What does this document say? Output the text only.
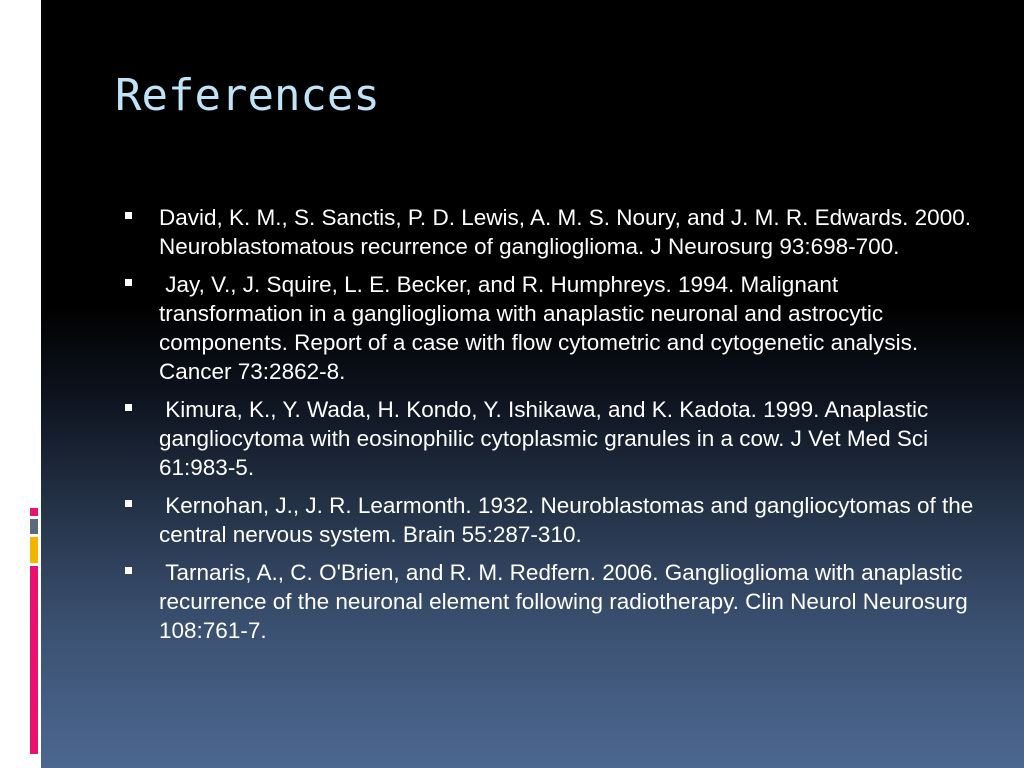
References
David, K. M., S. Sanctis, P. D. Lewis, A. M. S. Noury, and J. M. R. Edwards. 2000. Neuroblastomatous recurrence of ganglioglioma. J Neurosurg 93:698-700.
Jay, V., J. Squire, L. E. Becker, and R. Humphreys. 1994. Malignant transformation in a ganglioglioma with anaplastic neuronal and astrocytic components. Report of a case with flow cytometric and cytogenetic analysis. Cancer 73:2862-8.
Kimura, K., Y. Wada, H. Kondo, Y. Ishikawa, and K. Kadota. 1999. Anaplastic gangliocytoma with eosinophilic cytoplasmic granules in a cow. J Vet Med Sci 61:983-5.
Kernohan, J., J. R. Learmonth. 1932. Neuroblastomas and gangliocytomas of the central nervous system. Brain 55:287-310.
Tarnaris, A., C. O'Brien, and R. M. Redfern. 2006. Ganglioglioma with anaplastic recurrence of the neuronal element following radiotherapy. Clin Neurol Neurosurg 108:761-7.
